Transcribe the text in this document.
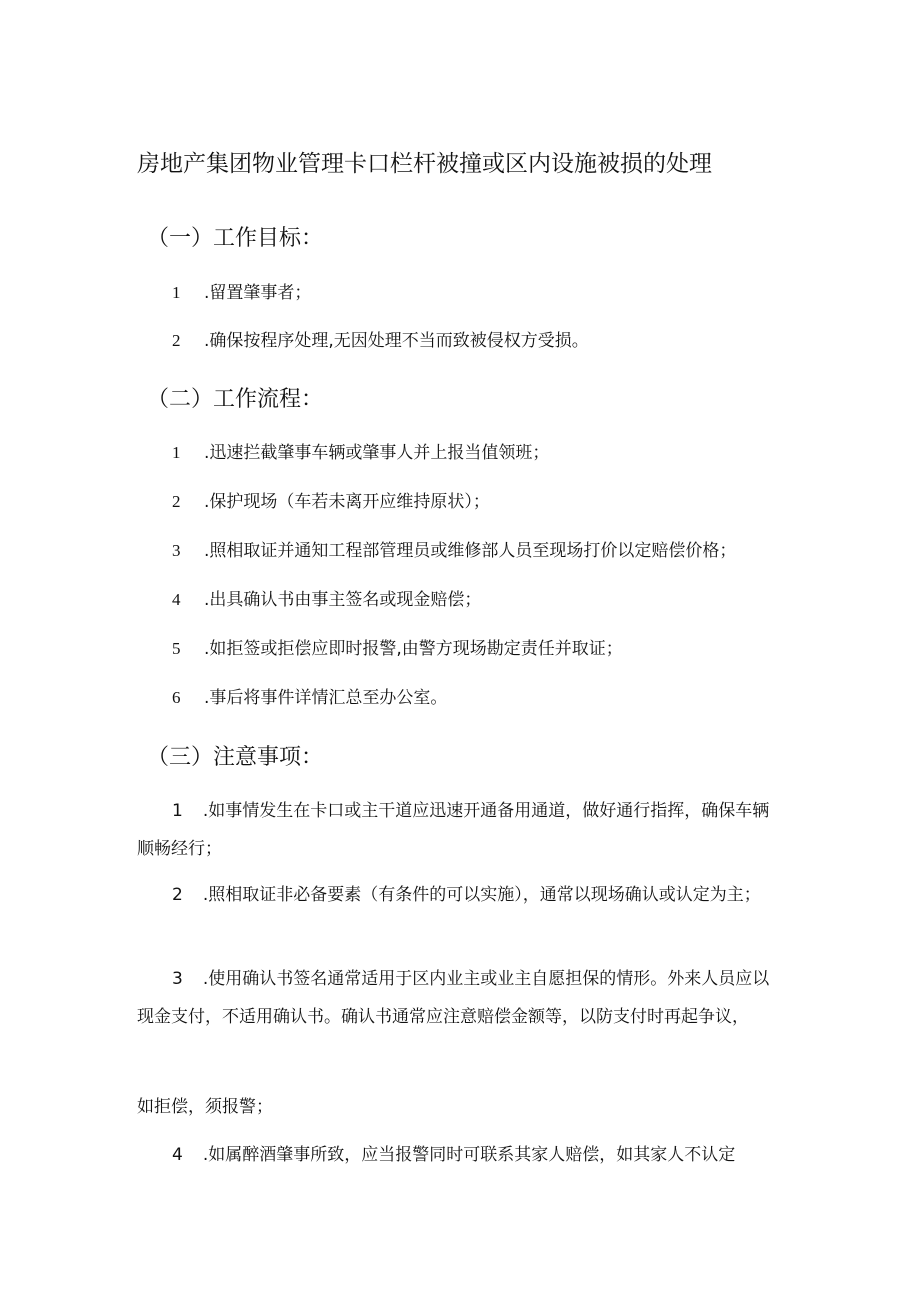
房地产集团物业管理卡口栏杆被撞或区内设施被损的处理
（一）工作目标：
1 .留置肇事者；
2 .确保按程序处理,无因处理不当而致被侵权方受损。
（二）工作流程：
1 .迅速拦截肇事车辆或肇事人并上报当值领班；
2 .保护现场（车若未离开应维持原状）；
3 .照相取证并通知工程部管理员或维修部人员至现场打价以定赔偿价格；
4 .出具确认书由事主签名或现金赔偿；
5 .如拒签或拒偿应即时报警,由警方现场勘定责任并取证；
6 .事后将事件详情汇总至办公室。
（三）注意事项：
1 .如事情发生在卡口或主干道应迅速开通备用通道，做好通行指挥，确保车辆顺畅经行；
2 .照相取证非必备要素（有条件的可以实施），通常以现场确认或认定为主；
3 .使用确认书签名通常适用于区内业主或业主自愿担保的情形。外来人员应以现金支付，不适用确认书。确认书通常应注意赔偿金额等，以防支付时再起争议，
如拒偿，须报警；
4 .如属醉酒肇事所致，应当报警同时可联系其家人赔偿，如其家人不认定
